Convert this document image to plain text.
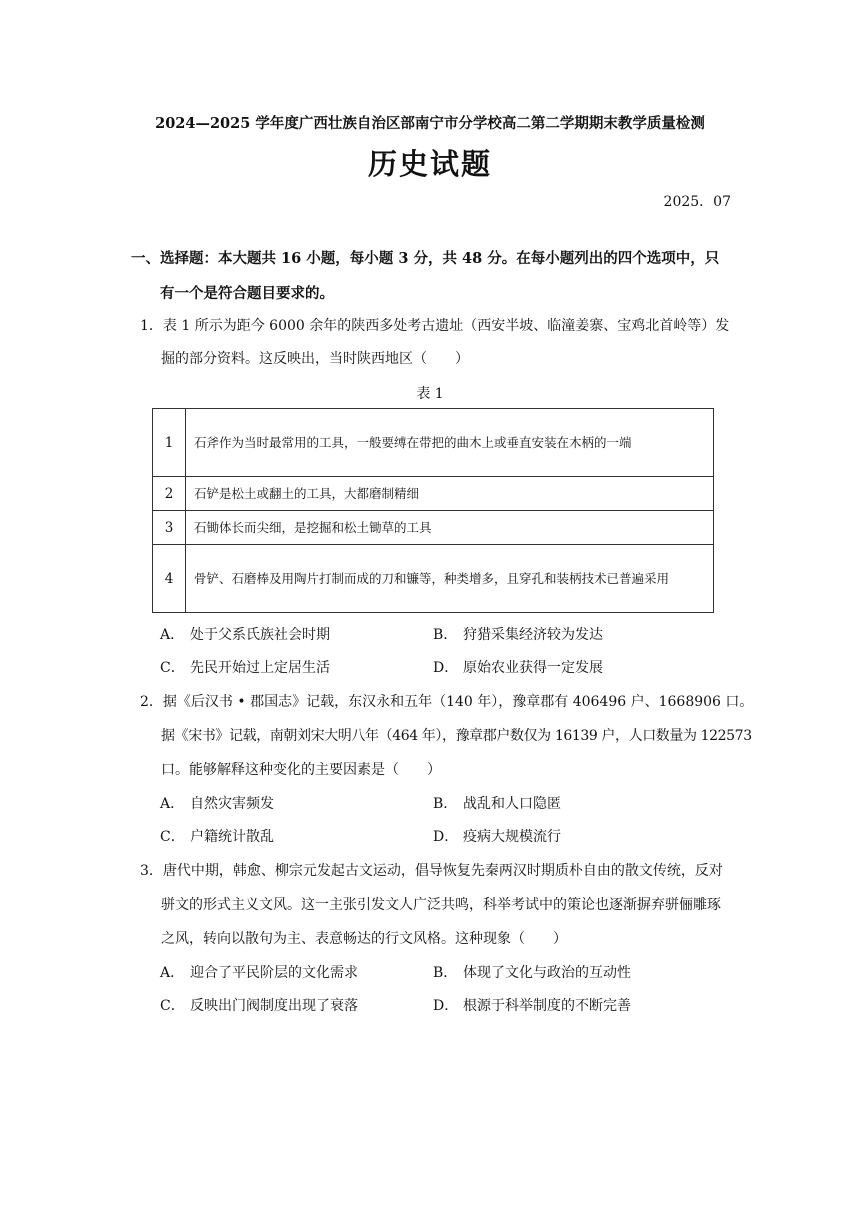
2024—2025 学年度广西壮族自治区部南宁市分学校高二第二学期期末教学质量检测
历史试题
2025．07
一、选择题：本大题共 16 小题，每小题 3 分，共 48 分。在每小题列出的四个选项中，只
有一个是符合题目要求的。
1．表 1 所示为距今 6000 余年的陕西多处考古遗址（西安半坡、临潼姜寨、宝鸡北首岭等）发
掘的部分资料。这反映出，当时陕西地区（　　）
表 1
1	石斧作为当时最常用的工具，一般要缚在带把的曲木上或垂直安装在木柄的一端
2	石铲是松土或翻土的工具，大都磨制精细
3	石锄体长而尖细，是挖掘和松土锄草的工具
4	骨铲、石磨棒及用陶片打制而成的刀和镰等，种类增多，且穿孔和装柄技术已普遍采用
A． 处于父系氏族社会时期	B． 狩猎采集经济较为发达
C． 先民开始过上定居生活	D． 原始农业获得一定发展
2．据《后汉书 • 郡国志》记载，东汉永和五年（140 年），豫章郡有 406496 户、1668906 口。
据《宋书》记载，南朝刘宋大明八年（464 年），豫章郡户数仅为 16139 户，人口数量为 122573
口。能够解释这种变化的主要因素是（　　）
A． 自然灾害频发	B． 战乱和人口隐匿
C． 户籍统计散乱	D． 疫病大规模流行
3．唐代中期，韩愈、柳宗元发起古文运动，倡导恢复先秦两汉时期质朴自由的散文传统，反对
骈文的形式主义文风。这一主张引发文人广泛共鸣，科举考试中的策论也逐渐摒弃骈俪雕琢
之风，转向以散句为主、表意畅达的行文风格。这种现象（　　）
A． 迎合了平民阶层的文化需求	B． 体现了文化与政治的互动性
C． 反映出门阀制度出现了衰落	D． 根源于科举制度的不断完善
